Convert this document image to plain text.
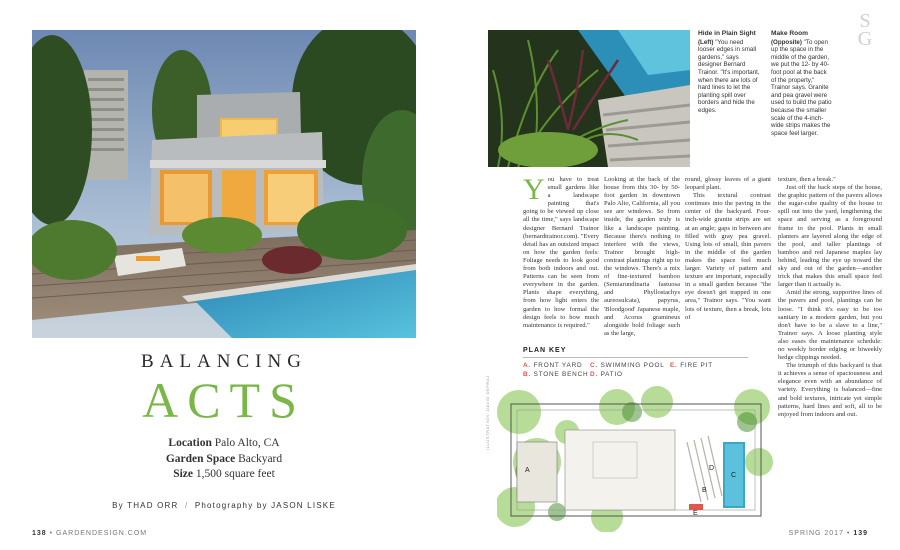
BALANCING
ACTS
Location Palo Alto, CA
Garden Space Backyard
Size 1,500 square feet
By THAD ORR / Photography by JASON LISKE
138 • GARDENDESIGN.COM
S
G
Hide in Plain Sight
(Left) "You need looser edges in small gardens," says designer Bernard Trainor. "It's important, when there are lots of hard lines to let the planting spill over borders and hide the edges.
Make Room
(Opposite) "To open up the space in the middle of the garden, we put the 12- by 40-foot pool at the back of the property," Trainor says. Granite and pea gravel were used to build the patio because the smaller scale of the 4-inch-wide strips makes the space feel larger.
Y ou have to treat small gardens like a landscape painting that's going to be viewed up close all the time," says landscape designer Bernard Trainor (bernardtrainor.com). "Every detail has an outsized impact on how the garden feels: Foliage needs to look good from both indoors and out. Patterns can be seen from everywhere in the garden. Plants shape everything, from how light enters the garden to how formal the design feels to how much maintenance is required."

Looking at the back of the house from this 30- by 50-foot garden in downtown Palo Alto, California, all you see are windows. So from inside, the garden truly is like a landscape painting. Because there's nothing to interfere with the views, Trainor brought high-contrast plantings right up to the windows. There's a mix of fine-textured bamboo (Semiarundinaria fastuosa and Phyllostachys aureosulcata), papyrus, 'Bloodgood' Japanese maple, and Acorus gramineus alongside bold foliage such as the large,

round, glossy leaves of a giant leopard plant.

This textural contrast continues into the paving in the center of the backyard. Four-inch-wide granite strips are set at an angle; gaps in between are filled with gray pea gravel. Using lots of small, thin pavers in the middle of the garden makes the space feel much larger. Variety of pattern and texture are important, especially in a small garden because "the eye doesn't get trapped in one area," Trainor says. "You want lots of texture, then a break, lots of

PLAN KEY
A. FRONT YARD
B. STONE BENCH
C. SWIMMING POOL
D. PATIO
E. FIRE PIT
ILLUSTRATION: DAVID DEFRAJ
A
B
C
D
E
SPRING 2017 • 139

texture, then a break."

Just off the back steps of the house, the graphic pattern of the pavers allows the sugar-cube quality of the house to spill out into the yard, lengthening the space and serving as a foreground frame to the pool. Plants in small planters are layered along the edge of the pool, and taller plantings of bamboo and red Japanese maples lay behind, leading the eye up toward the sky and out of the garden—another trick that makes this small space feel larger than it actually is.

Amid the strong, supportive lines of the pavers and pool, plantings can be loose. "I think it's easy to be too sanitary in a modern garden, but you don't have to be a slave to a line," Trainor says. A loose planting style also eases the maintenance schedule: no weekly border edging or biweekly hedge clippings needed.

The triumph of this backyard is that it achieves a sense of spaciousness and elegance even with an abundance of variety. Everything is balanced—fine and bold textures, intricate yet simple patterns, hard lines and soft, all to be enjoyed from indoors and out.
